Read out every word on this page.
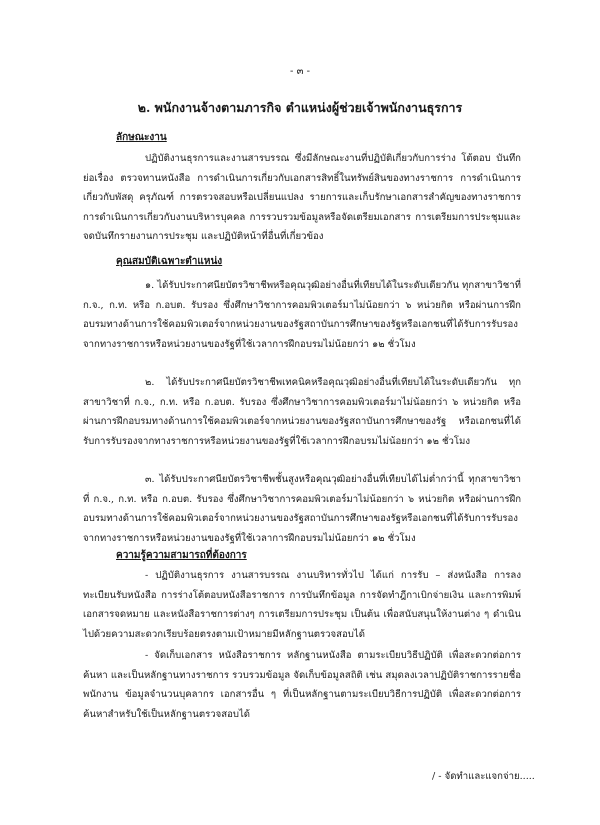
- ๓ -
๒. พนักงานจ้างตามภารกิจ ตำแหน่งผู้ช่วยเจ้าพนักงานธุรการ
ลักษณะงาน
ปฏิบัติงานธุรการและงานสารบรรณ ซึ่งมีลักษณะงานที่ปฏิบัติเกี่ยวกับการร่าง โต้ตอบ บันทึก ย่อเรื่อง ตรวจทานหนังสือ การดำเนินการเกี่ยวกับเอกสารสิทธิ์ในทรัพย์สินของทางราชการ การดำเนินการเกี่ยวกับพัสดุ ครุภัณฑ์ การตรวจสอบหรือเปลี่ยนแปลง รายการและเก็บรักษาเอกสารสำคัญของทางราชการ การดำเนินการเกี่ยวกับงานบริหารบุคคล การรวบรวมข้อมูลหรือจัดเตรียมเอกสาร การเตรียมการประชุมและจดบันทึกรายงานการประชุม และปฏิบัติหน้าที่อื่นที่เกี่ยวข้อง
คุณสมบัติเฉพาะตำแหน่ง
๑. ได้รับประกาศนียบัตรวิชาชีพหรือคุณวุฒิอย่างอื่นที่เทียบได้ในระดับเดียวกัน ทุกสาขาวิชาที่ ก.จ., ก.ท. หรือ ก.อบต. รับรอง ซึ่งศึกษาวิชาการคอมพิวเตอร์มาไม่น้อยกว่า ๖ หน่วยกิต หรือผ่านการฝึกอบรมทางด้านการใช้คอมพิวเตอร์จากหน่วยงานของรัฐสถาบันการศึกษาของรัฐหรือเอกชนที่ได้รับการรับรองจากทางราชการหรือหน่วยงานของรัฐที่ใช้เวลาการฝึกอบรมไม่น้อยกว่า ๑๒ ชั่วโมง
๒. ได้รับประกาศนียบัตรวิชาชีพเทคนิคหรือคุณวุฒิอย่างอื่นที่เทียบได้ในระดับเดียวกัน ทุกสาขาวิชาที่ ก.จ., ก.ท. หรือ ก.อบต. รับรอง ซึ่งศึกษาวิชาการคอมพิวเตอร์มาไม่น้อยกว่า ๖ หน่วยกิต หรือผ่านการฝึกอบรมทางด้านการใช้คอมพิวเตอร์จากหน่วยงานของรัฐสถาบันการศึกษาของรัฐ หรือเอกชนที่ได้รับการรับรองจากทางราชการหรือหน่วยงานของรัฐที่ใช้เวลาการฝึกอบรมไม่น้อยกว่า ๑๒ ชั่วโมง
๓. ได้รับประกาศนียบัตรวิชาชีพชั้นสูงหรือคุณวุฒิอย่างอื่นที่เทียบได้ไม่ต่ำกว่านี้ ทุกสาขาวิชาที่ ก.จ., ก.ท. หรือ ก.อบต. รับรอง ซึ่งศึกษาวิชาการคอมพิวเตอร์มาไม่น้อยกว่า ๖ หน่วยกิต หรือผ่านการฝึกอบรมทางด้านการใช้คอมพิวเตอร์จากหน่วยงานของรัฐสถาบันการศึกษาของรัฐหรือเอกชนที่ได้รับการรับรองจากทางราชการหรือหน่วยงานของรัฐที่ใช้เวลาการฝึกอบรมไม่น้อยกว่า ๑๒ ชั่วโมง
ความรู้ความสามารถที่ต้องการ
- ปฏิบัติงานธุรการ งานสารบรรณ งานบริหารทั่วไป ได้แก่ การรับ – ส่งหนังสือ การลงทะเบียนรับหนังสือ การร่างโต้ตอบหนังสือราชการ การบันทึกข้อมูล การจัดทำฎีกาเบิกจ่ายเงิน และการพิมพ์เอกสารจดหมาย และหนังสือราชการต่างๆ การเตรียมการประชุม เป็นต้น เพื่อสนับสนุนให้งานต่าง ๆ ดำเนินไปด้วยความสะดวกเรียบร้อยตรงตามเป้าหมายมีหลักฐานตรวจสอบได้
- จัดเก็บเอกสาร หนังสือราชการ หลักฐานหนังสือ ตามระเบียบวิธีปฏิบัติ เพื่อสะดวกต่อการค้นหา และเป็นหลักฐานทางราชการ รวบรวมข้อมูล จัดเก็บข้อมูลสถิติ เช่น สมุดลงเวลาปฏิบัติราชการรายชื่อพนักงาน ข้อมูลจำนวนบุคลากร เอกสารอื่น ๆ ที่เป็นหลักฐานตามระเบียบวิธีการปฏิบัติ เพื่อสะดวกต่อการค้นหาสำหรับใช้เป็นหลักฐานตรวจสอบได้
/ - จัดทำและแจกจ่าย.....
